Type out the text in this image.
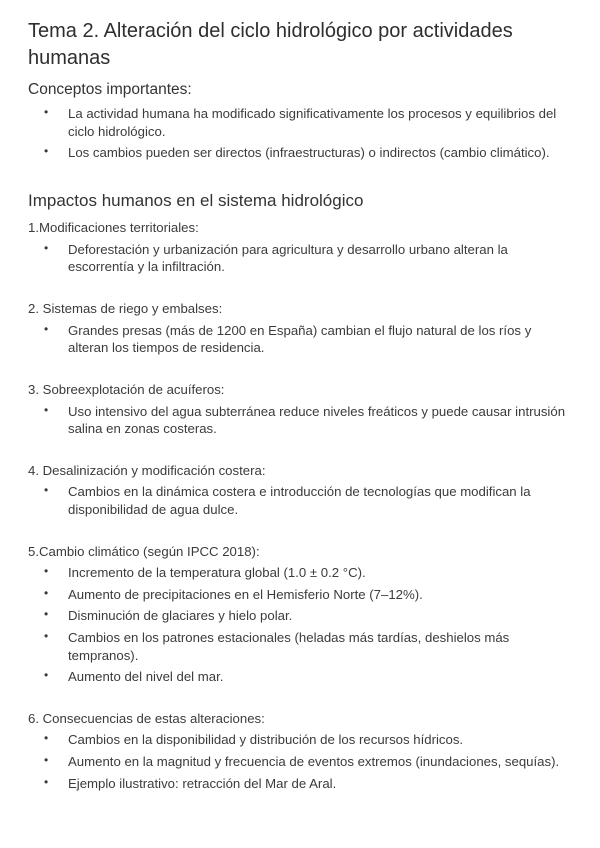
Tema 2. Alteración del ciclo hidrológico por actividades humanas
Conceptos importantes:
• La actividad humana ha modificado significativamente los procesos y equilibrios del ciclo hidrológico.
• Los cambios pueden ser directos (infraestructuras) o indirectos (cambio climático).
Impactos humanos en el sistema hidrológico

1.Modificaciones territoriales:

• Deforestación y urbanización para agricultura y desarrollo urbano alteran la escorrentía y la infiltración.

2. Sistemas de riego y embalses:

• Grandes presas (más de 1200 en España) cambian el flujo natural de los ríos y alteran los tiempos de residencia.

3. Sobreexplotación de acuíferos:

• Uso intensivo del agua subterránea reduce niveles freáticos y puede causar intrusión salina en zonas costeras.

4. Desalinización y modificación costera:

• Cambios en la dinámica costera e introducción de tecnologías que modifican la disponibilidad de agua dulce.

5.Cambio climático (según IPCC 2018):

• Incremento de la temperatura global (1.0 ± 0.2 °C).
• Aumento de precipitaciones en el Hemisferio Norte (7–12%).
• Disminución de glaciares y hielo polar.
• Cambios en los patrones estacionales (heladas más tardías, deshielos más tempranos).
• Aumento del nivel del mar.

6. Consecuencias de estas alteraciones:

• Cambios en la disponibilidad y distribución de los recursos hídricos.
• Aumento en la magnitud y frecuencia de eventos extremos (inundaciones, sequías).
• Ejemplo ilustrativo: retracción del Mar de Aral.
